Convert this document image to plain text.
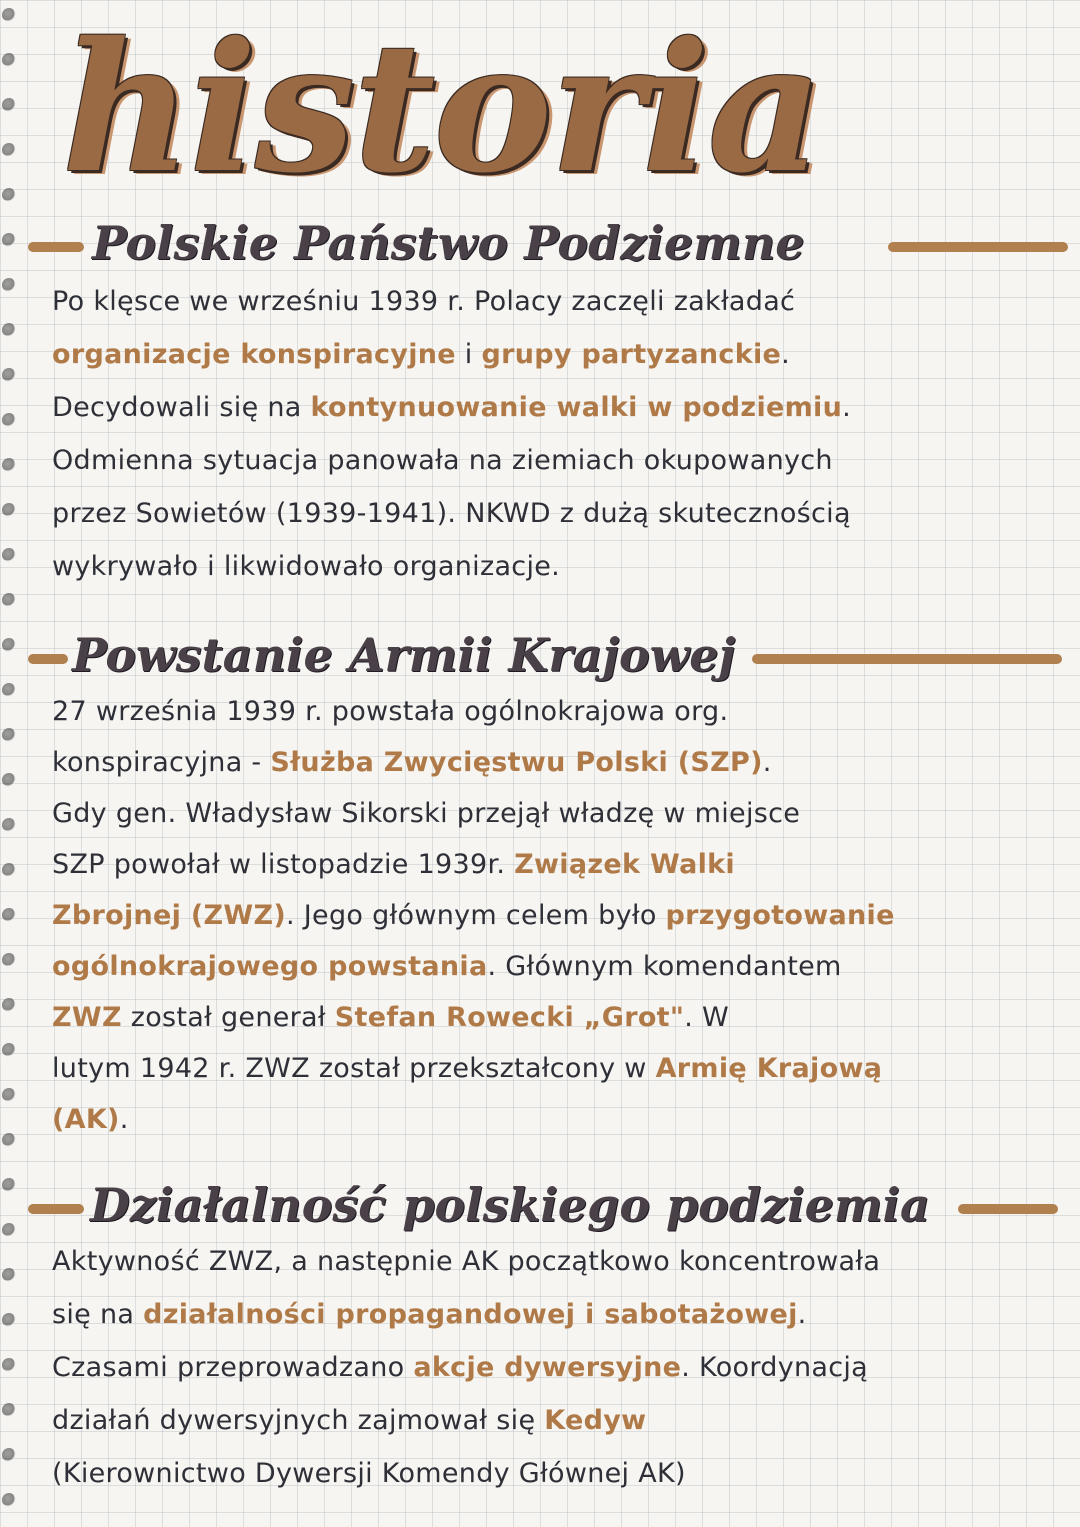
historia
Polskie Państwo Podziemne
Po klęsce we wrześniu 1939 r. Polacy zaczęli zakładać
organizacje konspiracyjne i grupy partyzanckie.
Decydowali się na kontynuowanie walki w podziemiu.
Odmienna sytuacja panowała na ziemiach okupowanych
przez Sowietów (1939-1941). NKWD z dużą skutecznością
wykrywało i likwidowało organizacje.
Powstanie Armii Krajowej
27 września 1939 r. powstała ogólnokrajowa org.
konspiracyjna - Służba Zwycięstwu Polski (SZP).
Gdy gen. Władysław Sikorski przejął władzę w miejsce
SZP powołał w listopadzie 1939r. Związek Walki
Zbrojnej (ZWZ). Jego głównym celem było przygotowanie
ogólnokrajowego powstania. Głównym komendantem
ZWZ został generał Stefan Rowecki „Grot". W
lutym 1942 r. ZWZ został przekształcony w Armię Krajową
(AK).
Działalność polskiego podziemia
Aktywność ZWZ, a następnie AK początkowo koncentrowała
się na działalności propagandowej i sabotażowej.
Czasami przeprowadzano akcje dywersyjne. Koordynacją
działań dywersyjnych zajmował się Kedyw
(Kierownictwo Dywersji Komendy Głównej AK)
